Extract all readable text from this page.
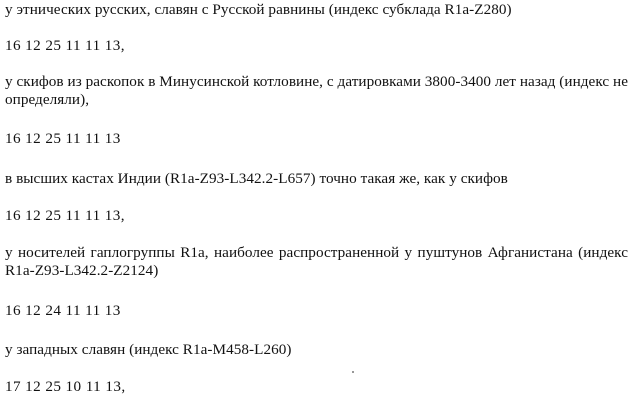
у этнических русских, славян с Русской равнины (индекс субклада R1a-Z280)
16 12 25 11 11 13,
у скифов из раскопок в Минусинской котловине, с датировками 3800-3400 лет назад (индекс не определяли),
16 12 25 11 11 13
в высших кастах Индии (R1a-Z93-L342.2-L657) точно такая же, как у скифов
16 12 25 11 11 13,
у носителей гаплогруппы R1a, наиболее распространенной у пуштунов Афганистана (индекс R1a-Z93-L342.2-Z2124)
16 12 24 11 11 13
у западных славян (индекс R1a-M458-L260)
17 12 25 10 11 13,
